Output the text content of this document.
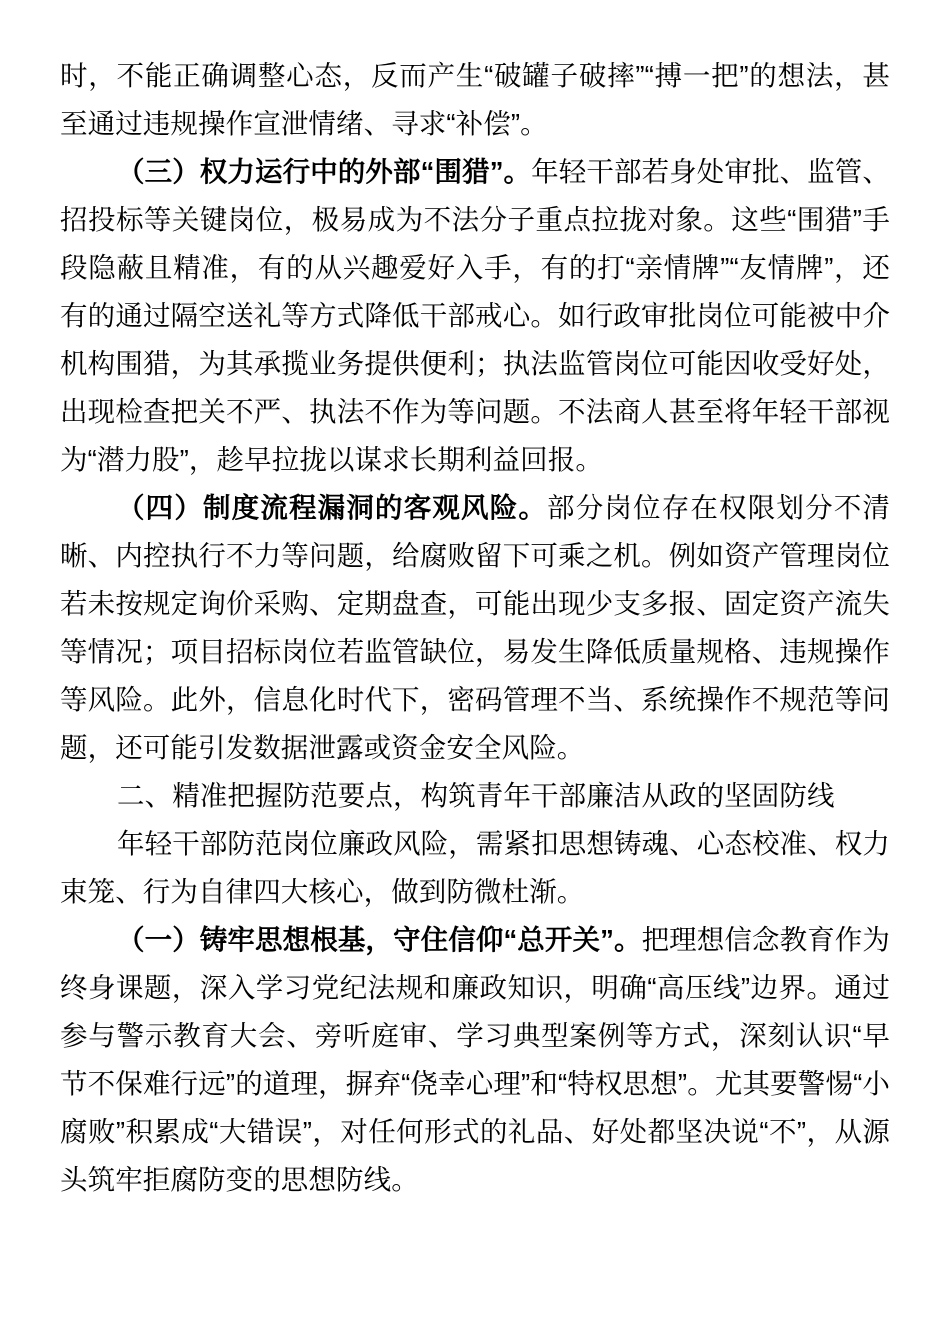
时，不能正确调整心态，反而产生“破罐子破摔”“搏一把”的想法，甚至通过违规操作宣泄情绪、寻求“补偿”。

（三）权力运行中的外部“围猎”。年轻干部若身处审批、监管、招投标等关键岗位，极易成为不法分子重点拉拢对象。这些“围猎”手段隐蔽且精准，有的从兴趣爱好入手，有的打“亲情牌”“友情牌”，还有的通过隔空送礼等方式降低干部戒心。如行政审批岗位可能被中介机构围猎，为其承揽业务提供便利；执法监管岗位可能因收受好处，出现检查把关不严、执法不作为等问题。不法商人甚至将年轻干部视为“潜力股”，趁早拉拢以谋求长期利益回报。

（四）制度流程漏洞的客观风险。部分岗位存在权限划分不清晰、内控执行不力等问题，给腐败留下可乘之机。例如资产管理岗位若未按规定询价采购、定期盘查，可能出现少支多报、固定资产流失等情况；项目招标岗位若监管缺位，易发生降低质量规格、违规操作等风险。此外，信息化时代下，密码管理不当、系统操作不规范等问题，还可能引发数据泄露或资金安全风险。

二、精准把握防范要点，构筑青年干部廉洁从政的坚固防线

年轻干部防范岗位廉政风险，需紧扣思想铸魂、心态校准、权力束笼、行为自律四大核心，做到防微杜渐。

（一）铸牢思想根基，守住信仰“总开关”。把理想信念教育作为终身课题，深入学习党纪法规和廉政知识，明确“高压线”边界。通过参与警示教育大会、旁听庭审、学习典型案例等方式，深刻认识“早节不保难行远”的道理，摒弃“侥幸心理”和“特权思想”。尤其要警惕“小腐败”积累成“大错误”，对任何形式的礼品、好处都坚决说“不”，从源头筑牢拒腐防变的思想防线。
